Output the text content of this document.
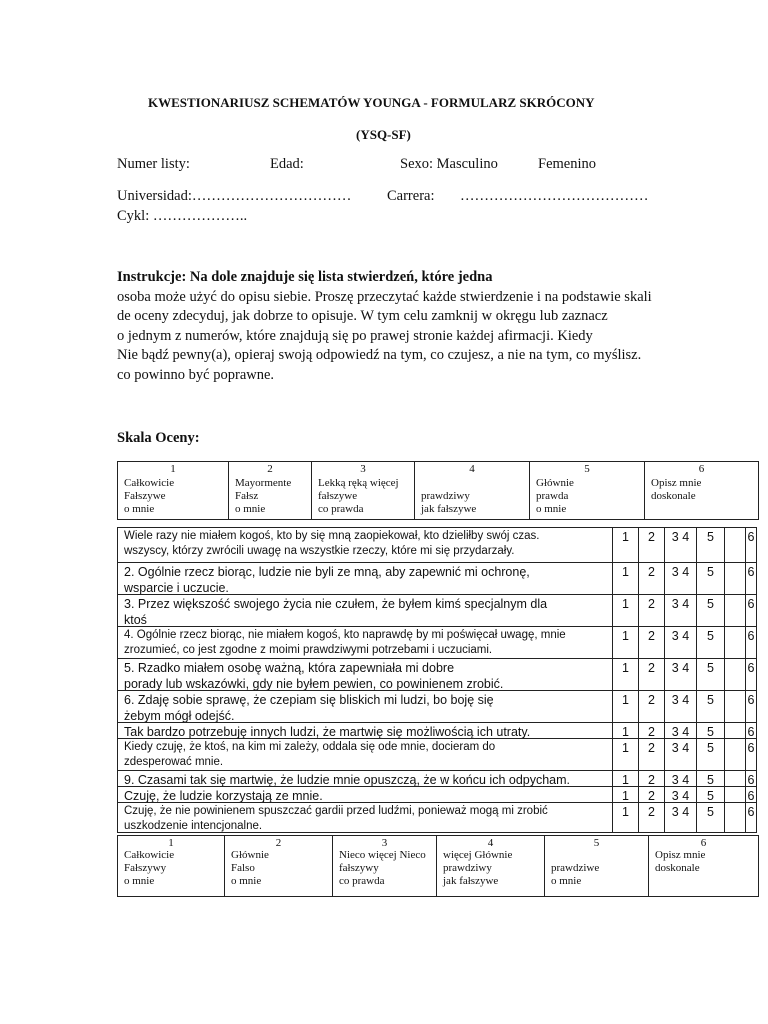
KWESTIONARIUSZ SCHEMATÓW YOUNGA - FORMULARZ SKRÓCONY
(YSQ-SF)
Numer listy:	Edad:	Sexo: Masculino	Femenino
Universidad:…………………………… Carrera: …………………………………
Cykl: ………………..
Instrukcje: Na dole znajduje się lista stwierdzeń, które jedna
osoba może użyć do opisu siebie. Proszę przeczytać każde stwierdzenie i na podstawie skali
de oceny zdecyduj, jak dobrze to opisuje. W tym celu zamknij w okręgu lub zaznacz
o jednym z numerów, które znajdują się po prawej stronie każdej afirmacji. Kiedy
Nie bądź pewny(a), opieraj swoją odpowiedź na tym, co czujesz, a nie na tym, co myślisz.
co powinno być poprawne.
Skala Oceny:
1
Całkowicie
Fałszywe
o mnie
2
Mayormente
Fałsz
o mnie
3
Lekką ręką więcej
fałszywe
co prawda
4
prawdziwy
jak fałszywe
5
Głównie
prawda
o mnie
6
Opisz mnie
doskonale
Wiele razy nie miałem kogoś, kto by się mną zaopiekował, kto dzieliłby swój czas.
wszyscy, którzy zwrócili uwagę na wszystkie rzeczy, które mi się przydarzały.
1	2	3 4	5	6
2. Ogólnie rzecz biorąc, ludzie nie byli ze mną, aby zapewnić mi ochronę,
wsparcie i uczucie.
1	2	3 4	5	6
3. Przez większość swojego życia nie czułem, że byłem kimś specjalnym dla
ktoś
1	2	3 4	5	6
4. Ogólnie rzecz biorąc, nie miałem kogoś, kto naprawdę by mi poświęcał uwagę, mnie
zrozumieć, co jest zgodne z moimi prawdziwymi potrzebami i uczuciami.
1	2	3 4	5	6
5. Rzadko miałem osobę ważną, która zapewniała mi dobre
porady lub wskazówki, gdy nie byłem pewien, co powinienem zrobić.
1	2	3 4	5	6
6. Zdaję sobie sprawę, że czepiam się bliskich mi ludzi, bo boję się
żebym mógł odejść.
1	2	3 4	5	6
Tak bardzo potrzebuję innych ludzi, że martwię się możliwością ich utraty.	1	2	3 4	5	6
Kiedy czuję, że ktoś, na kim mi zależy, oddala się ode mnie, docieram do
zdesperować mnie.
1	2	3 4	5	6
9. Czasami tak się martwię, że ludzie mnie opuszczą, że w końcu ich odpycham.	1	2	3 4	5	6
Czuję, że ludzie korzystają ze mnie.	1	2	3 4	5	6
Czuję, że nie powinienem spuszczać gardii przed ludźmi, ponieważ mogą mi zrobić
uszkodzenie intencjonalne.
1	2	3 4	5	6
1
Całkowicie
Fałszywy
o mnie
2
Głównie
Falso
o mnie
3
Nieco więcej Nieco
fałszywy
co prawda
4
więcej Głównie
prawdziwy
jak fałszywe
5
prawdziwe
o mnie
6
Opisz mnie
doskonale
